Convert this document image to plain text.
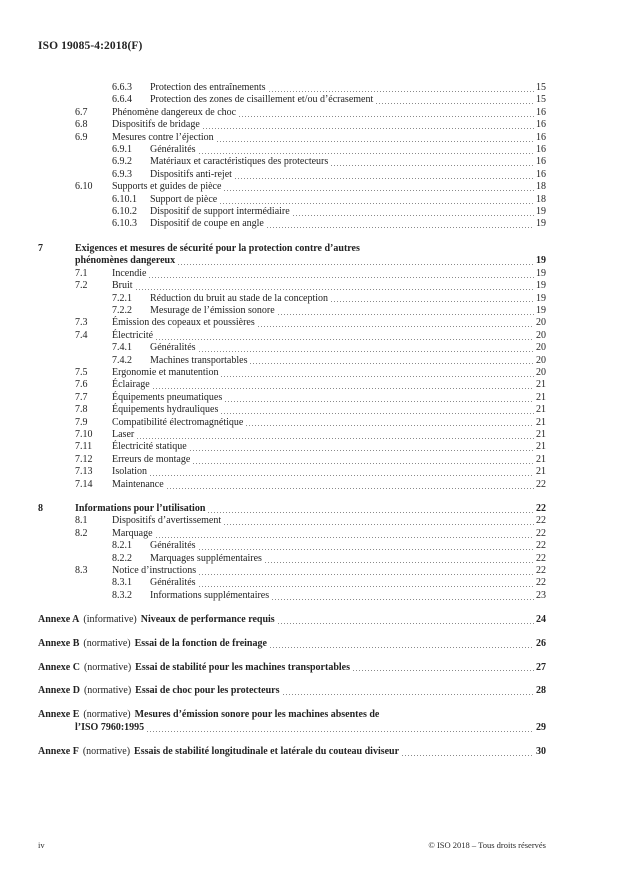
ISO 19085-4:2018(F)
6.6.3	Protection des entraînements	15
6.6.4	Protection des zones de cisaillement et/ou d’écrasement	15
6.7	Phénomène dangereux de choc	16
6.8	Dispositifs de bridage	16
6.9	Mesures contre l’éjection	16
6.9.1	Généralités	16
6.9.2	Matériaux et caractéristiques des protecteurs	16
6.9.3	Dispositifs anti-rejet	16
6.10	Supports et guides de pièce	18
6.10.1	Support de pièce	18
6.10.2	Dispositif de support intermédiaire	19
6.10.3	Dispositif de coupe en angle	19
7	Exigences et mesures de sécurité pour la protection contre d’autres
phénomènes dangereux	19
7.1	Incendie	19
7.2	Bruit	19
7.2.1	Réduction du bruit au stade de la conception	19
7.2.2	Mesurage de l’émission sonore	19
7.3	Émission des copeaux et poussières	20
7.4	Électricité	20
7.4.1	Généralités	20
7.4.2	Machines transportables	20
7.5	Ergonomie et manutention	20
7.6	Éclairage	21
7.7	Équipements pneumatiques	21
7.8	Équipements hydrauliques	21
7.9	Compatibilité électromagnétique	21
7.10	Laser	21
7.11	Électricité statique	21
7.12	Erreurs de montage	21
7.13	Isolation	21
7.14	Maintenance	22
8	Informations pour l’utilisation	22
8.1	Dispositifs d’avertissement	22
8.2	Marquage	22
8.2.1	Généralités	22
8.2.2	Marquages supplémentaires	22
8.3	Notice d’instructions	22
8.3.1	Généralités	22
8.3.2	Informations supplémentaires	23
Annexe A (informative) Niveaux de performance requis	24
Annexe B (normative) Essai de la fonction de freinage	26
Annexe C (normative) Essai de stabilité pour les machines transportables	27
Annexe D (normative) Essai de choc pour les protecteurs	28
Annexe E (normative) Mesures d’émission sonore pour les machines absentes de
l’ISO 7960:1995	29
Annexe F (normative) Essais de stabilité longitudinale et latérale du couteau diviseur	30
iv	© ISO 2018 – Tous droits réservés
